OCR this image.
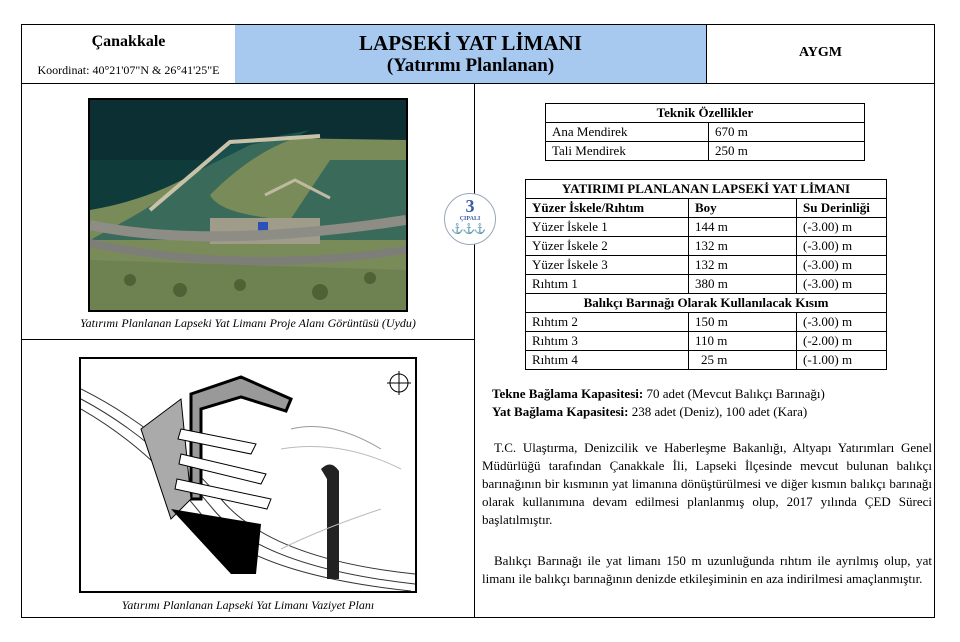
Çanakkale
Koordinat: 40°21'07"N & 26°41'25"E
LAPSEKİ YAT LİMANI
(Yatırımı Planlanan)
AYGM
Yatırımı Planlanan Lapseki Yat Limanı Proje Alanı Görüntüsü (Uydu)
Yatırımı Planlanan Lapseki Yat Limanı Vaziyet Planı
3
ÇIPALI
⚓⚓⚓
Teknik Özellikler	
Ana Mendirek	670 m
Tali Mendirek	250 m
YATIRIMI PLANLANAN LAPSEKİ YAT LİMANI		
Yüzer İskele/Rıhtım	Boy	Su Derinliği
Yüzer İskele 1	144 m	(-3.00) m
Yüzer İskele 2	132 m	(-3.00) m
Yüzer İskele 3	132 m	(-3.00) m
Rıhtım 1	380 m	(-3.00) m
Balıkçı Barınağı Olarak Kullanılacak Kısım		
Rıhtım 2	150 m	(-3.00) m
Rıhtım 3	110 m	(-2.00) m
Rıhtım 4	25 m	(-1.00) m
Tekne Bağlama Kapasitesi: 70 adet (Mevcut Balıkçı Barınağı)
Yat Bağlama Kapasitesi: 238 adet (Deniz), 100 adet (Kara)
T.C. Ulaştırma, Denizcilik ve Haberleşme Bakanlığı, Altyapı Yatırımları Genel Müdürlüğü tarafından Çanakkale İli, Lapseki İlçesinde mevcut bulunan balıkçı barınağının bir kısmının yat limanına dönüştürülmesi ve diğer kısmın balıkçı barınağı olarak kullanımına devam edilmesi planlanmış olup, 2017 yılında ÇED Süreci başlatılmıştır.
Balıkçı Barınağı ile yat limanı 150 m uzunluğunda rıhtım ile ayrılmış olup, yat limanı ile balıkçı barınağının denizde etkileşiminin en aza indirilmesi amaçlanmıştır.
